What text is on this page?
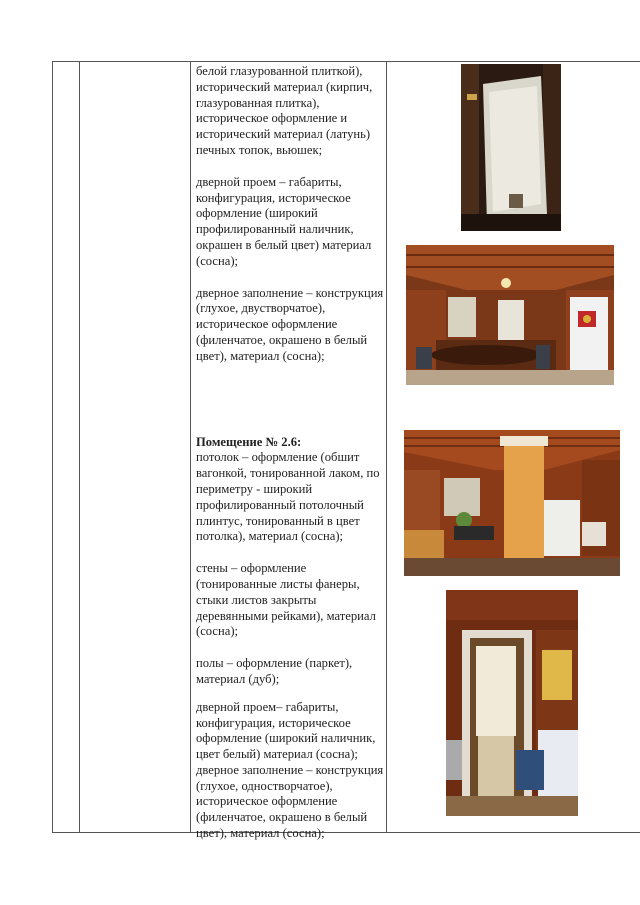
белой глазурованной плиткой), исторический материал (кирпич, глазурованная плитка), историческое оформление и исторический материал (латунь) печных топок, вьюшек;

дверной проем – габариты, конфигурация, историческое оформление (широкий профилированный наличник, окрашен в белый цвет) материал (сосна);

дверное заполнение – конструкция (глухое, двустворчатое), историческое оформление (филенчатое, окрашено в белый цвет), материал (сосна);

Помещение № 2.6:

потолок – оформление (обшит вагонкой, тонированной лаком, по периметру - широкий профилированный потолочный плинтус, тонированный в цвет потолка), материал (сосна);

стены – оформление (тонированные листы фанеры, стыки листов закрыты деревянными рейками), материал (сосна);

полы – оформление (паркет), материал (дуб);

дверной проем– габариты, конфигурация, историческое оформление (широкий наличник, цвет белый) материал (сосна); дверное заполнение – конструкция (глухое, одностворчатое), историческое оформление (филенчатое, окрашено в белый цвет), материал (сосна);
